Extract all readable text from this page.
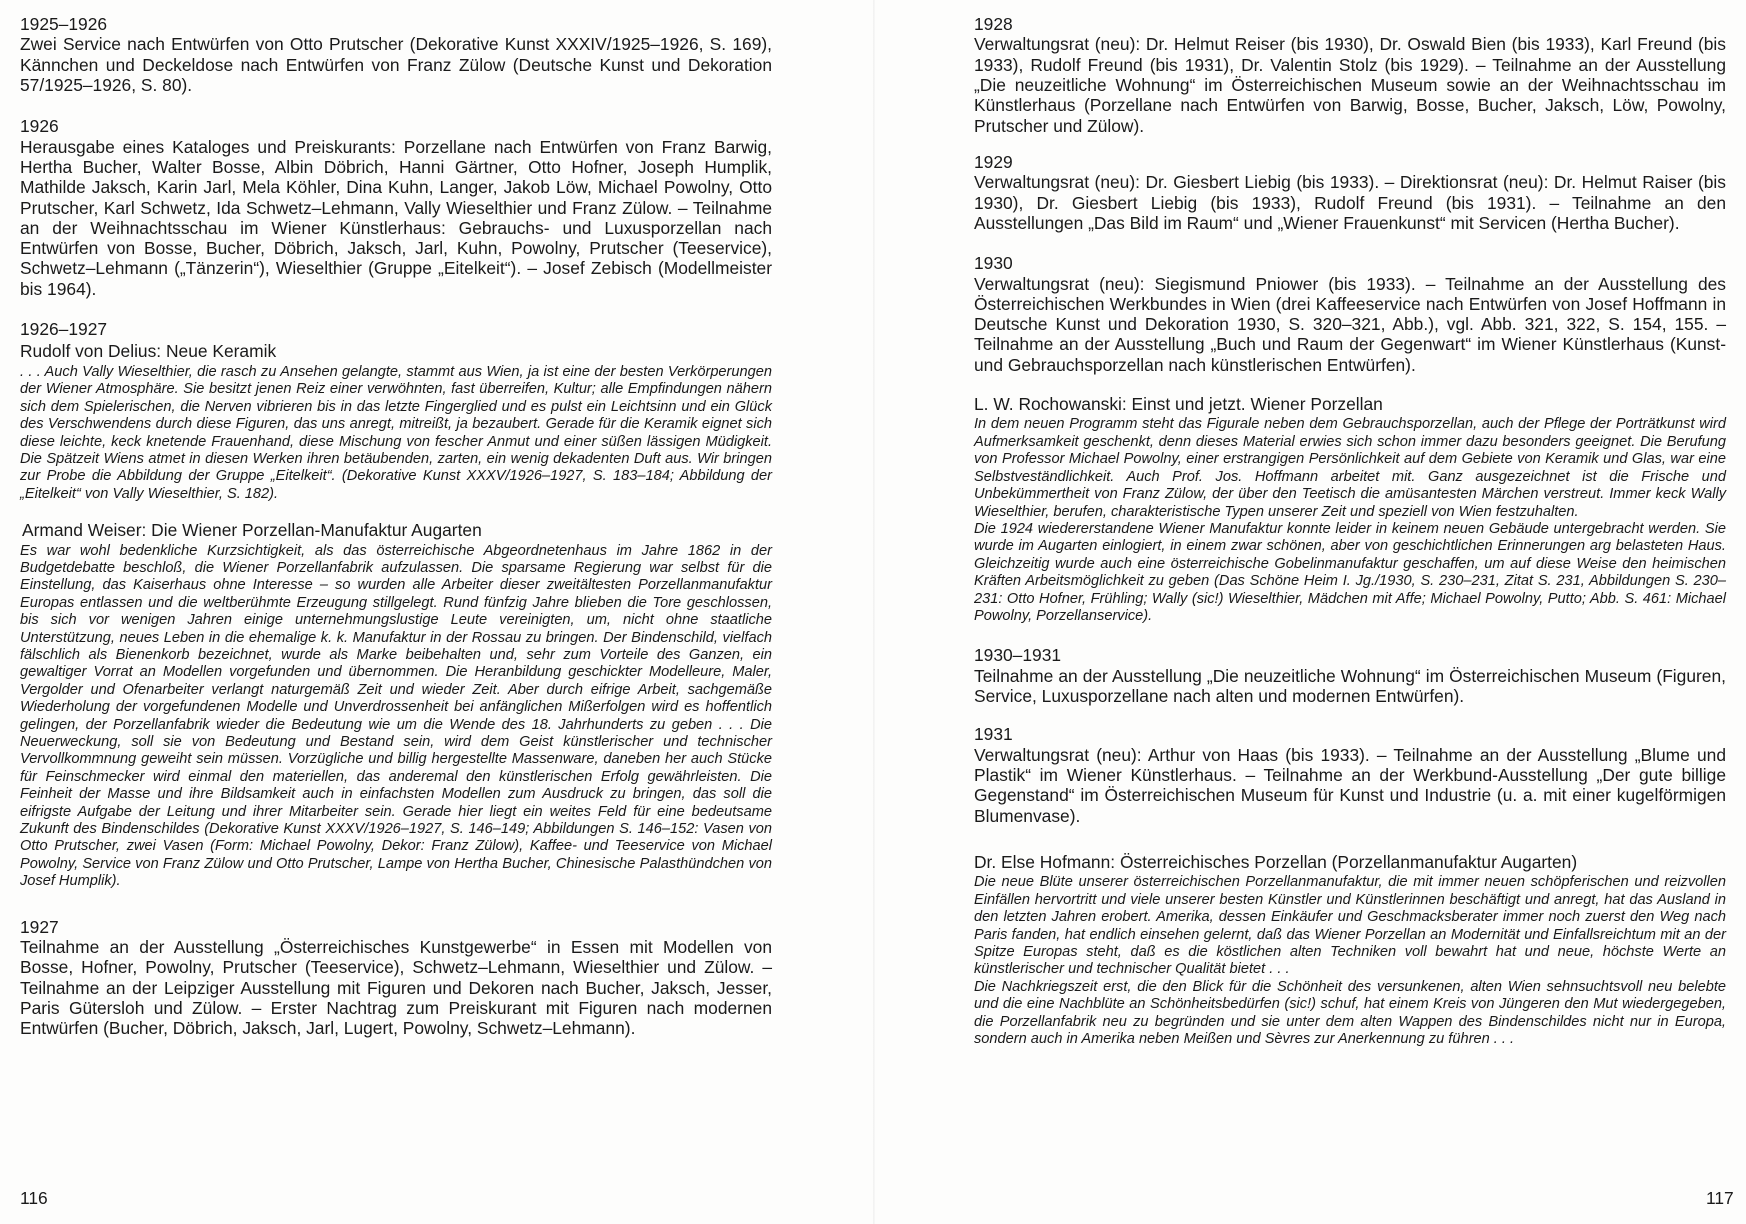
1925–1926

Zwei Service nach Entwürfen von Otto Prutscher (Dekorative Kunst XXXIV/1925–1926, S. 169), Kännchen und Deckeldose nach Entwürfen von Franz Zülow (Deutsche Kunst und Dekoration 57/1925–1926, S. 80).

1926

Herausgabe eines Kataloges und Preiskurants: Porzellane nach Entwürfen von Franz Barwig, Hertha Bucher, Walter Bosse, Albin Döbrich, Hanni Gärtner, Otto Hofner, Joseph Humplik, Mathilde Jaksch, Karin Jarl, Mela Köhler, Dina Kuhn, Langer, Jakob Löw, Michael Powolny, Otto Prutscher, Karl Schwetz, Ida Schwetz–Lehmann, Vally Wieselthier und Franz Zülow. – Teilnahme an der Weihnachtsschau im Wiener Künstlerhaus: Gebrauchs- und Luxusporzellan nach Entwürfen von Bosse, Bucher, Döbrich, Jaksch, Jarl, Kuhn, Powolny, Prutscher (Teeservice), Schwetz–Lehmann („Tänzerin“), Wieselthier (Gruppe „Eitelkeit“). – Josef Zebisch (Modellmeister bis 1964).

1926–1927

Rudolf von Delius: Neue Keramik

. . . Auch Vally Wieselthier, die rasch zu Ansehen gelangte, stammt aus Wien, ja ist eine der besten Verkörperungen der Wiener Atmosphäre. Sie besitzt jenen Reiz einer verwöhnten, fast überreifen, Kultur; alle Empfindungen nähern sich dem Spielerischen, die Nerven vibrieren bis in das letzte Fingerglied und es pulst ein Leichtsinn und ein Glück des Verschwendens durch diese Figuren, das uns anregt, mitreißt, ja bezaubert. Gerade für die Keramik eignet sich diese leichte, keck knetende Frauenhand, diese Mischung von fescher Anmut und einer süßen lässigen Müdigkeit. Die Spätzeit Wiens atmet in diesen Werken ihren betäubenden, zarten, ein wenig dekadenten Duft aus. Wir bringen zur Probe die Abbildung der Gruppe „Eitelkeit“. (Dekorative Kunst XXXV/1926–1927, S. 183–184; Abbildung der „Eitelkeit“ von Vally Wieselthier, S. 182).

Armand Weiser: Die Wiener Porzellan-Manufaktur Augarten

Es war wohl bedenkliche Kurzsichtigkeit, als das österreichische Abgeordnetenhaus im Jahre 1862 in der Budgetdebatte beschloß, die Wiener Porzellanfabrik aufzulassen. Die sparsame Regierung war selbst für die Einstellung, das Kaiserhaus ohne Interesse – so wurden alle Arbeiter dieser zweitältesten Porzellanmanufaktur Europas entlassen und die weltberühmte Erzeugung stillgelegt. Rund fünfzig Jahre blieben die Tore geschlossen, bis sich vor wenigen Jahren einige unternehmungslustige Leute vereinigten, um, nicht ohne staatliche Unterstützung, neues Leben in die ehemalige k. k. Manufaktur in der Rossau zu bringen. Der Bindenschild, vielfach fälschlich als Bienenkorb bezeichnet, wurde als Marke beibehalten und, sehr zum Vorteile des Ganzen, ein gewaltiger Vorrat an Modellen vorgefunden und übernommen. Die Heranbildung geschickter Modelleure, Maler, Vergolder und Ofenarbeiter verlangt naturgemäß Zeit und wieder Zeit. Aber durch eifrige Arbeit, sachgemäße Wiederholung der vorgefundenen Modelle und Unverdrossenheit bei anfänglichen Mißerfolgen wird es hoffentlich gelingen, der Porzellanfabrik wieder die Bedeutung wie um die Wende des 18. Jahrhunderts zu geben . . . Die Neuerweckung, soll sie von Bedeutung und Bestand sein, wird dem Geist künstlerischer und technischer Vervollkommnung geweiht sein müssen. Vorzügliche und billig hergestellte Massenware, daneben her auch Stücke für Feinschmecker wird einmal den materiellen, das anderemal den künstlerischen Erfolg gewährleisten. Die Feinheit der Masse und ihre Bildsamkeit auch in einfachsten Modellen zum Ausdruck zu bringen, das soll die eifrigste Aufgabe der Leitung und ihrer Mitarbeiter sein. Gerade hier liegt ein weites Feld für eine bedeutsame Zukunft des Bindenschildes (Dekorative Kunst XXXV/1926–1927, S. 146–149; Abbildungen S. 146–152: Vasen von Otto Prutscher, zwei Vasen (Form: Michael Powolny, Dekor: Franz Zülow), Kaffee- und Teeservice von Michael Powolny, Service von Franz Zülow und Otto Prutscher, Lampe von Hertha Bucher, Chinesische Palasthündchen von Josef Humplik).

1927

Teilnahme an der Ausstellung „Österreichisches Kunstgewerbe“ in Essen mit Modellen von Bosse, Hofner, Powolny, Prutscher (Teeservice), Schwetz–Lehmann, Wieselthier und Zülow. – Teilnahme an der Leipziger Ausstellung mit Figuren und Dekoren nach Bucher, Jaksch, Jesser, Paris Gütersloh und Zülow. – Erster Nachtrag zum Preiskurant mit Figuren nach modernen Entwürfen (Bucher, Döbrich, Jaksch, Jarl, Lugert, Powolny, Schwetz–Lehmann).

116

1928

Verwaltungsrat (neu): Dr. Helmut Reiser (bis 1930), Dr. Oswald Bien (bis 1933), Karl Freund (bis 1933), Rudolf Freund (bis 1931), Dr. Valentin Stolz (bis 1929). – Teilnahme an der Ausstellung „Die neuzeitliche Wohnung“ im Österreichischen Museum sowie an der Weihnachtsschau im Künstlerhaus (Porzellane nach Entwürfen von Barwig, Bosse, Bucher, Jaksch, Löw, Powolny, Prutscher und Zülow).

1929

Verwaltungsrat (neu): Dr. Giesbert Liebig (bis 1933). – Direktionsrat (neu): Dr. Helmut Raiser (bis 1930), Dr. Giesbert Liebig (bis 1933), Rudolf Freund (bis 1931). – Teilnahme an den Ausstellungen „Das Bild im Raum“ und „Wiener Frauenkunst“ mit Servicen (Hertha Bucher).

1930

Verwaltungsrat (neu): Siegismund Pniower (bis 1933). – Teilnahme an der Ausstellung des Österreichischen Werkbundes in Wien (drei Kaffeeservice nach Entwürfen von Josef Hoffmann in Deutsche Kunst und Dekoration 1930, S. 320–321, Abb.), vgl. Abb. 321, 322, S. 154, 155. – Teilnahme an der Ausstellung „Buch und Raum der Gegenwart“ im Wiener Künstlerhaus (Kunst- und Gebrauchsporzellan nach künstlerischen Entwürfen).

L. W. Rochowanski: Einst und jetzt. Wiener Porzellan

In dem neuen Programm steht das Figurale neben dem Gebrauchsporzellan, auch der Pflege der Porträtkunst wird Aufmerksamkeit geschenkt, denn dieses Material erwies sich schon immer dazu besonders geeignet. Die Berufung von Professor Michael Powolny, einer erstrangigen Persönlichkeit auf dem Gebiete von Keramik und Glas, war eine Selbstveständlichkeit. Auch Prof. Jos. Hoffmann arbeitet mit. Ganz ausgezeichnet ist die Frische und Unbekümmertheit von Franz Zülow, der über den Teetisch die amüsantesten Märchen verstreut. Immer keck Wally Wieselthier, berufen, charakteristische Typen unserer Zeit und speziell von Wien festzuhalten.

Die 1924 wiedererstandene Wiener Manufaktur konnte leider in keinem neuen Gebäude untergebracht werden. Sie wurde im Augarten einlogiert, in einem zwar schönen, aber von geschichtlichen Erinnerungen arg belasteten Haus. Gleichzeitig wurde auch eine österreichische Gobelinmanufaktur geschaffen, um auf diese Weise den heimischen Kräften Arbeitsmöglichkeit zu geben (Das Schöne Heim I. Jg./1930, S. 230–231, Zitat S. 231, Abbildungen S. 230–231: Otto Hofner, Frühling; Wally (sic!) Wieselthier, Mädchen mit Affe; Michael Powolny, Putto; Abb. S. 461: Michael Powolny, Porzellanservice).

1930–1931

Teilnahme an der Ausstellung „Die neuzeitliche Wohnung“ im Österreichischen Museum (Figuren, Service, Luxusporzellane nach alten und modernen Entwürfen).

1931

Verwaltungsrat (neu): Arthur von Haas (bis 1933). – Teilnahme an der Ausstellung „Blume und Plastik“ im Wiener Künstlerhaus. – Teilnahme an der Werkbund-Ausstellung „Der gute billige Gegenstand“ im Österreichischen Museum für Kunst und Industrie (u. a. mit einer kugelförmigen Blumenvase).

Dr. Else Hofmann: Österreichisches Porzellan (Porzellanmanufaktur Augarten)

Die neue Blüte unserer österreichischen Porzellanmanufaktur, die mit immer neuen schöpferischen und reizvollen Einfällen hervortritt und viele unserer besten Künstler und Künstlerinnen beschäftigt und anregt, hat das Ausland in den letzten Jahren erobert. Amerika, dessen Einkäufer und Geschmacksberater immer noch zuerst den Weg nach Paris fanden, hat endlich einsehen gelernt, daß das Wiener Porzellan an Modernität und Einfallsreichtum mit an der Spitze Europas steht, daß es die köstlichen alten Techniken voll bewahrt hat und neue, höchste Werte an künstlerischer und technischer Qualität bietet . . .

Die Nachkriegszeit erst, die den Blick für die Schönheit des versunkenen, alten Wien sehnsuchtsvoll neu belebte und die eine Nachblüte an Schönheitsbedürfen (sic!) schuf, hat einem Kreis von Jüngeren den Mut wiedergegeben, die Porzellanfabrik neu zu begründen und sie unter dem alten Wappen des Bindenschildes nicht nur in Europa, sondern auch in Amerika neben Meißen und Sèvres zur Anerkennung zu führen . . .

117
